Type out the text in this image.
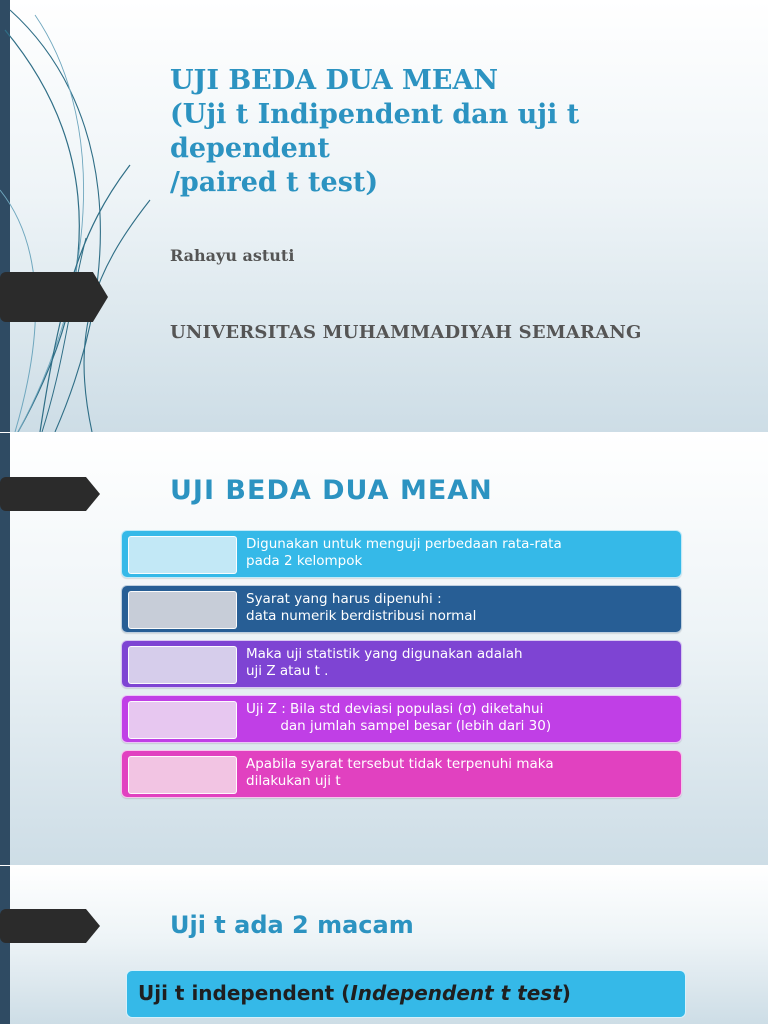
UJI BEDA DUA MEAN
(Uji t Indipendent dan uji t dependent
/paired t test)

Rahayu astuti

UNIVERSITAS MUHAMMADIYAH SEMARANG

UJI BEDA DUA MEAN
Digunakan untuk menguji perbedaan rata-rata
pada 2 kelompok
Syarat yang harus dipenuhi :
data numerik berdistribusi normal
Maka uji statistik yang digunakan adalah
uji Z atau t .
Uji Z : Bila std deviasi populasi (σ) diketahui
dan jumlah sampel besar (lebih dari 30)
Apabila syarat tersebut tidak terpenuhi maka
dilakukan uji t
Uji t ada 2 macam
Uji t independent (Independent t test)
